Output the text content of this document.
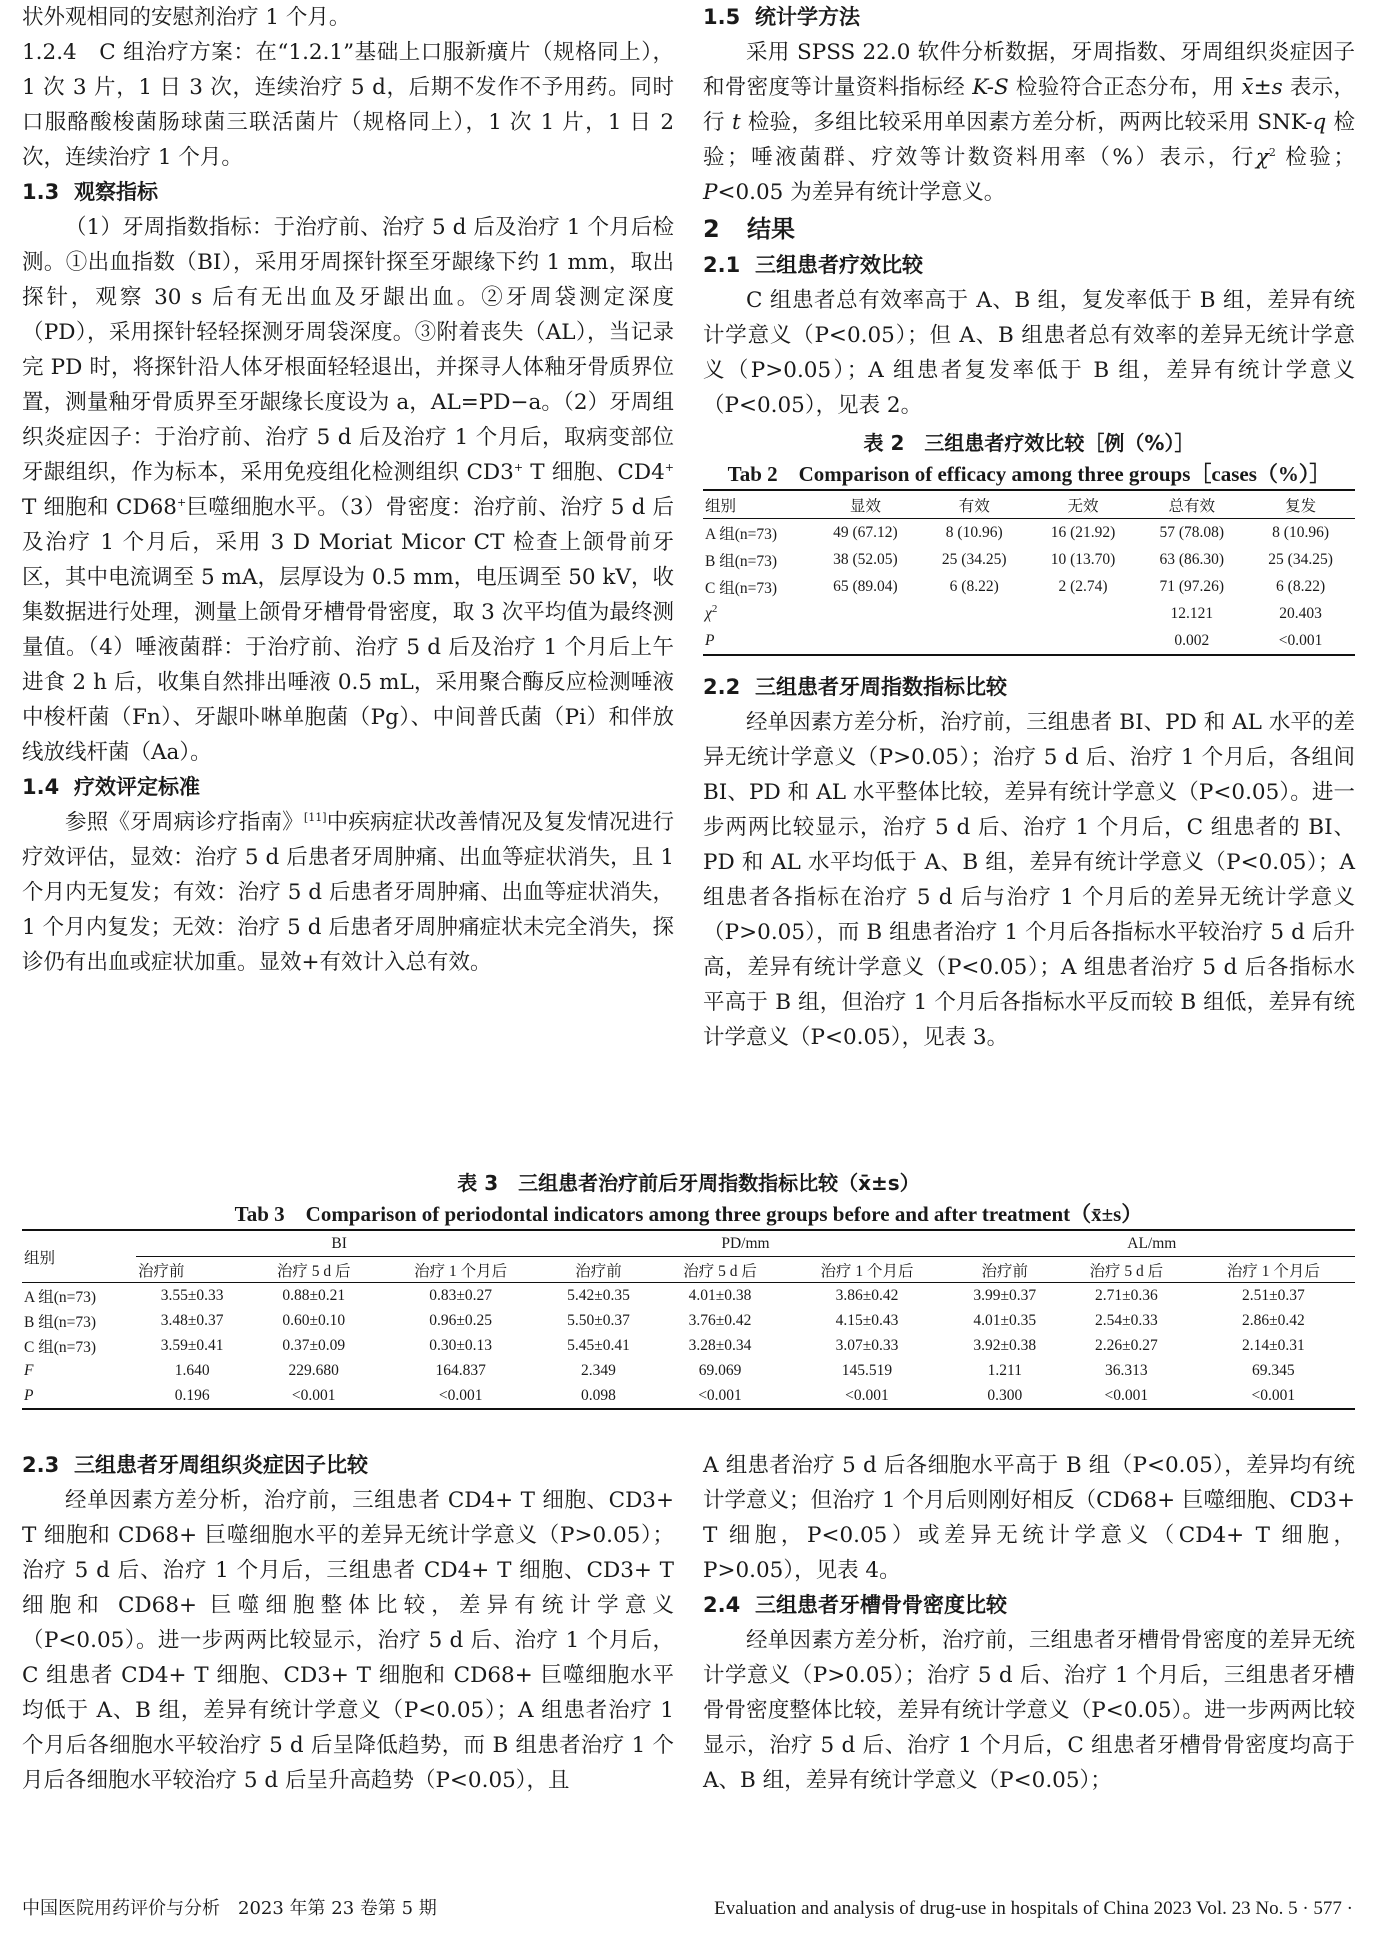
状外观相同的安慰剂治疗 1 个月。

1.2.4　C 组治疗方案：在“1.2.1”基础上口服新癀片（规格同上），1 次 3 片，1 日 3 次，连续治疗 5 d，后期不发作不予用药。同时口服酪酸梭菌肠球菌三联活菌片（规格同上），1 次 1 片，1 日 2 次，连续治疗 1 个月。

1.3 观察指标

（1）牙周指数指标：于治疗前、治疗 5 d 后及治疗 1 个月后检测。①出血指数（BI），采用牙周探针探至牙龈缘下约 1 mm，取出探针，观察 30 s 后有无出血及牙龈出血。②牙周袋测定深度（PD），采用探针轻轻探测牙周袋深度。③附着丧失（AL），当记录完 PD 时，将探针沿人体牙根面轻轻退出，并探寻人体釉牙骨质界位置，测量釉牙骨质界至牙龈缘长度设为 a，AL=PD−a。（2）牙周组织炎症因子：于治疗前、治疗 5 d 后及治疗 1 个月后，取病变部位牙龈组织，作为标本，采用免疫组化检测组织 CD3+ T 细胞、CD4+ T 细胞和 CD68+巨噬细胞水平。（3）骨密度：治疗前、治疗 5 d 后及治疗 1 个月后，采用 3 D Moriat Micor CT 检查上颌骨前牙区，其中电流调至 5 mA，层厚设为 0.5 mm，电压调至 50 kV，收集数据进行处理，测量上颌骨牙槽骨骨密度，取 3 次平均值为最终测量值。（4）唾液菌群：于治疗前、治疗 5 d 后及治疗 1 个月后上午进食 2 h 后，收集自然排出唾液 0.5 mL，采用聚合酶反应检测唾液中梭杆菌（Fn）、牙龈卟啉单胞菌（Pg）、中间普氏菌（Pi）和伴放线放线杆菌（Aa）。

1.4 疗效评定标准

参照《牙周病诊疗指南》[11]中疾病症状改善情况及复发情况进行疗效评估，显效：治疗 5 d 后患者牙周肿痛、出血等症状消失，且 1 个月内无复发；有效：治疗 5 d 后患者牙周肿痛、出血等症状消失，1 个月内复发；无效：治疗 5 d 后患者牙周肿痛症状未完全消失，探诊仍有出血或症状加重。显效+有效计入总有效。

1.5 统计学方法

采用 SPSS 22.0 软件分析数据，牙周指数、牙周组织炎症因子和骨密度等计量资料指标经 K-S 检验符合正态分布，用 x̄±s 表示，行 t 检验，多组比较采用单因素方差分析，两两比较采用 SNK-q 检验；唾液菌群、疗效等计数资料用率（%）表示，行$\chi^2$ 检验；P<0.05 为差异有统计学意义。

2 结果

2.1 三组患者疗效比较

C 组患者总有效率高于 A、B 组，复发率低于 B 组，差异有统计学意义（P<0.05）；但 A、B 组患者总有效率的差异无统计学意义（P>0.05）；A 组患者复发率低于 B 组，差异有统计学意义（P<0.05），见表 2。

表 2　三组患者疗效比较［例（%）］

Tab 2　Comparison of efficacy among three groups［cases（%）］

组别	显效	有效	无效	总有效	复发
A 组(n=73)	49 (67.12)	8 (10.96)	16 (21.92)	57 (78.08)	8 (10.96)
B 组(n=73)	38 (52.05)	25 (34.25)	10 (13.70)	63 (86.30)	25 (34.25)
C 组(n=73)	65 (89.04)	6 (8.22)	2 (2.74)	71 (97.26)	6 (8.22)
$\chi^2$				12.121	20.403
P				0.002	<0.001

2.2 三组患者牙周指数指标比较

经单因素方差分析，治疗前，三组患者 BI、PD 和 AL 水平的差异无统计学意义（P>0.05）；治疗 5 d 后、治疗 1 个月后，各组间 BI、PD 和 AL 水平整体比较，差异有统计学意义（P<0.05）。进一步两两比较显示，治疗 5 d 后、治疗 1 个月后，C 组患者的 BI、PD 和 AL 水平均低于 A、B 组，差异有统计学意义（P<0.05）；A 组患者各指标在治疗 5 d 后与治疗 1 个月后的差异无统计学意义（P>0.05），而 B 组患者治疗 1 个月后各指标水平较治疗 5 d 后升高，差异有统计学意义（P<0.05）；A 组患者治疗 5 d 后各指标水平高于 B 组，但治疗 1 个月后各指标水平反而较 B 组低，差异有统计学意义（P<0.05），见表 3。

表 3　三组患者治疗前后牙周指数指标比较（x̄±s）

Tab 3　Comparison of periodontal indicators among three groups before and after treatment（x̄±s）

组别	BI			PD/mm			AL/mm		
	治疗前	治疗 5 d 后	治疗 1 个月后	治疗前	治疗 5 d 后	治疗 1 个月后	治疗前	治疗 5 d 后	治疗 1 个月后
A 组(n=73)	3.55±0.33	0.88±0.21	0.83±0.27	5.42±0.35	4.01±0.38	3.86±0.42	3.99±0.37	2.71±0.36	2.51±0.37
B 组(n=73)	3.48±0.37	0.60±0.10	0.96±0.25	5.50±0.37	3.76±0.42	4.15±0.43	4.01±0.35	2.54±0.33	2.86±0.42
C 组(n=73)	3.59±0.41	0.37±0.09	0.30±0.13	5.45±0.41	3.28±0.34	3.07±0.33	3.92±0.38	2.26±0.27	2.14±0.31
F	1.640	229.680	164.837	2.349	69.069	145.519	1.211	36.313	69.345
P	0.196	<0.001	<0.001	0.098	<0.001	<0.001	0.300	<0.001	<0.001

2.3 三组患者牙周组织炎症因子比较

经单因素方差分析，治疗前，三组患者 CD4+ T 细胞、CD3+ T 细胞和 CD68+ 巨噬细胞水平的差异无统计学意义（P>0.05）；治疗 5 d 后、治疗 1 个月后，三组患者 CD4+ T 细胞、CD3+ T 细胞和 CD68+ 巨噬细胞整体比较，差异有统计学意义（P<0.05）。进一步两两比较显示，治疗 5 d 后、治疗 1 个月后，C 组患者 CD4+ T 细胞、CD3+ T 细胞和 CD68+ 巨噬细胞水平均低于 A、B 组，差异有统计学意义（P<0.05）；A 组患者治疗 1 个月后各细胞水平较治疗 5 d 后呈降低趋势，而 B 组患者治疗 1 个月后各细胞水平较治疗 5 d 后呈升高趋势（P<0.05），且

A 组患者治疗 5 d 后各细胞水平高于 B 组（P<0.05），差异均有统计学意义；但治疗 1 个月后则刚好相反（CD68+ 巨噬细胞、CD3+ T 细胞，P<0.05）或差异无统计学意义（CD4+ T 细胞，P>0.05），见表 4。

2.4 三组患者牙槽骨骨密度比较

经单因素方差分析，治疗前，三组患者牙槽骨骨密度的差异无统计学意义（P>0.05）；治疗 5 d 后、治疗 1 个月后，三组患者牙槽骨骨密度整体比较，差异有统计学意义（P<0.05）。进一步两两比较显示，治疗 5 d 后、治疗 1 个月后，C 组患者牙槽骨骨密度均高于 A、B 组，差异有统计学意义（P<0.05）；

中国医院用药评价与分析　2023 年第 23 卷第 5 期	Evaluation and analysis of drug-use in hospitals of China 2023 Vol. 23 No. 5 · 577 ·
